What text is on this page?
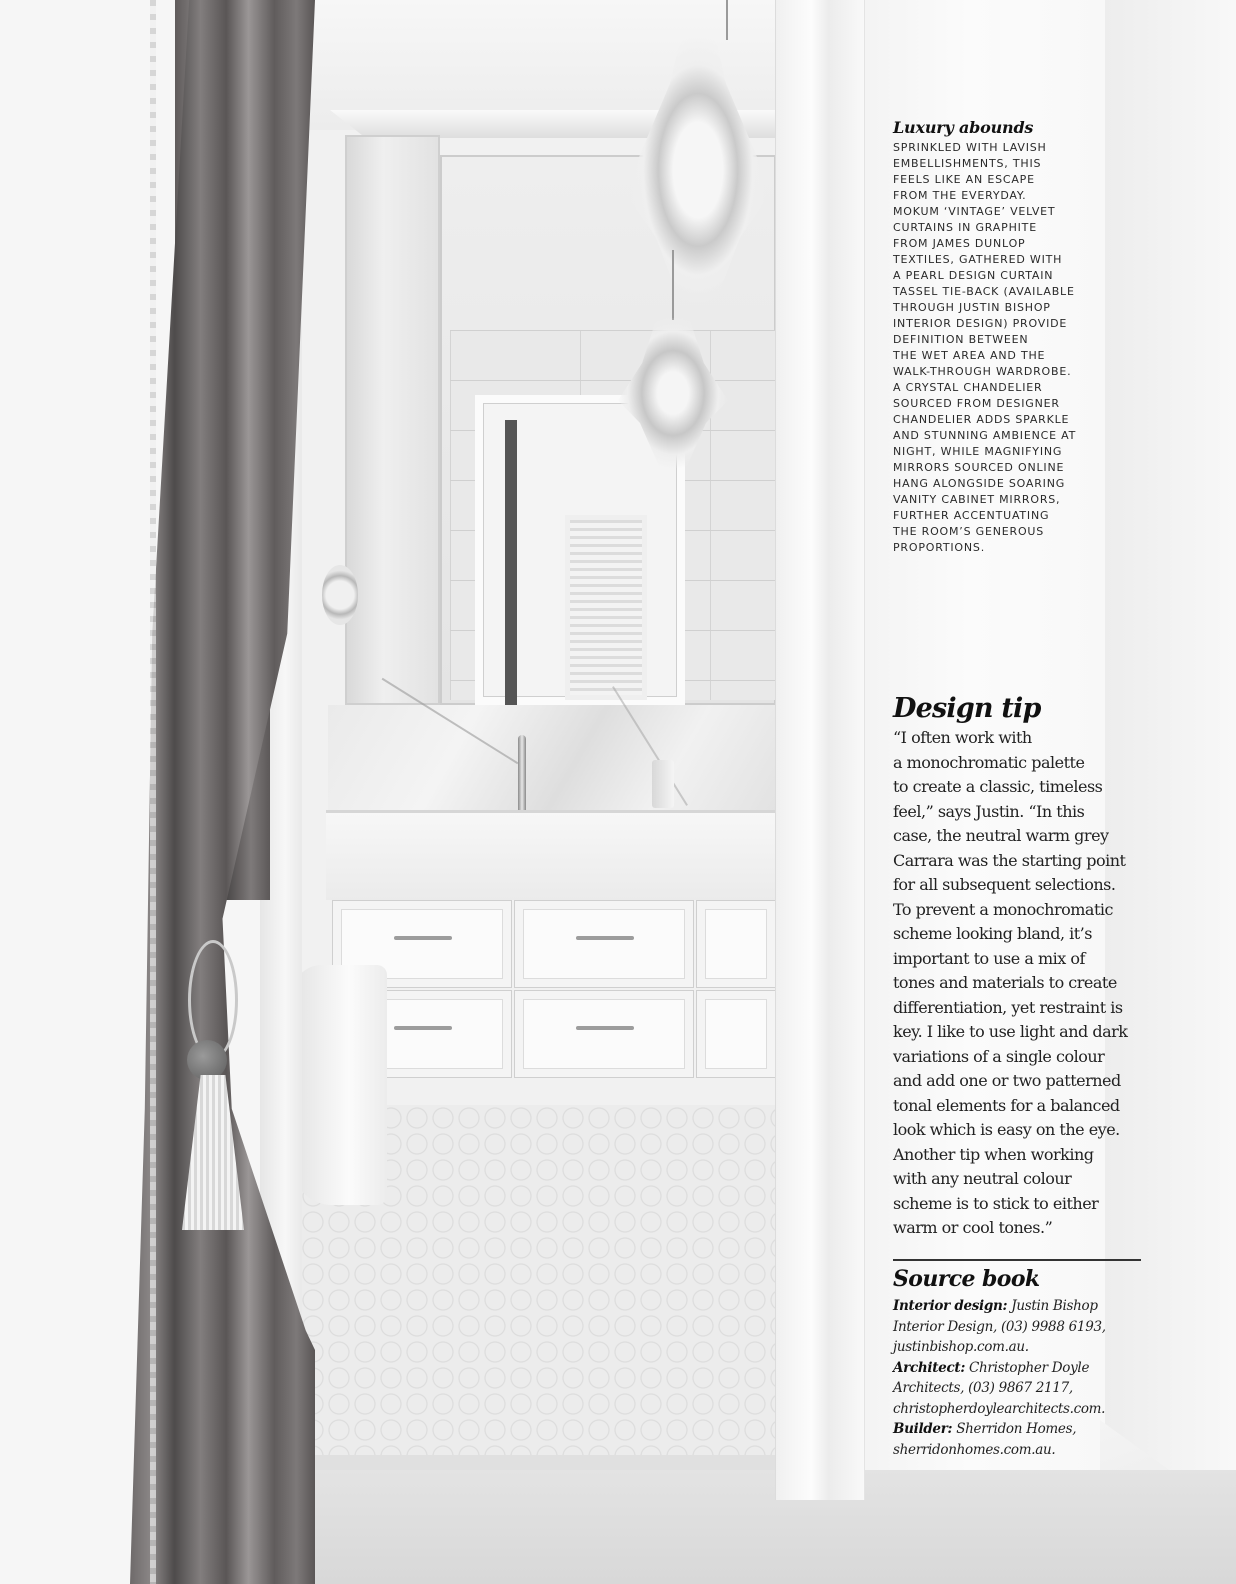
Luxury abounds
SPRINKLED WITH LAVISH
EMBELLISHMENTS, THIS
FEELS LIKE AN ESCAPE
FROM THE EVERYDAY.
MOKUM ‘VINTAGE’ VELVET
CURTAINS IN GRAPHITE
FROM JAMES DUNLOP
TEXTILES, GATHERED WITH
A PEARL DESIGN CURTAIN
TASSEL TIE-BACK (AVAILABLE
THROUGH JUSTIN BISHOP
INTERIOR DESIGN) PROVIDE
DEFINITION BETWEEN
THE WET AREA AND THE
WALK-THROUGH WARDROBE.
A CRYSTAL CHANDELIER
SOURCED FROM DESIGNER
CHANDELIER ADDS SPARKLE
AND STUNNING AMBIENCE AT
NIGHT, WHILE MAGNIFYING
MIRRORS SOURCED ONLINE
HANG ALONGSIDE SOARING
VANITY CABINET MIRRORS,
FURTHER ACCENTUATING
THE ROOM’S GENEROUS
PROPORTIONS.
Design tip
“I often work with
a monochromatic palette
to create a classic, timeless
feel,” says Justin. “In this
case, the neutral warm grey
Carrara was the starting point
for all subsequent selections.
To prevent a monochromatic
scheme looking bland, it’s
important to use a mix of
tones and materials to create
differentiation, yet restraint is
key. I like to use light and dark
variations of a single colour
and add one or two patterned
tonal elements for a balanced
look which is easy on the eye.
Another tip when working
with any neutral colour
scheme is to stick to either
warm or cool tones.”
Source book
Interior design: Justin Bishop
Interior Design, (03) 9988 6193,
justinbishop.com.au.
Architect: Christopher Doyle
Architects, (03) 9867 2117,
christopherdoylearchitects.com.
Builder: Sherridon Homes,
sherridonhomes.com.au.
